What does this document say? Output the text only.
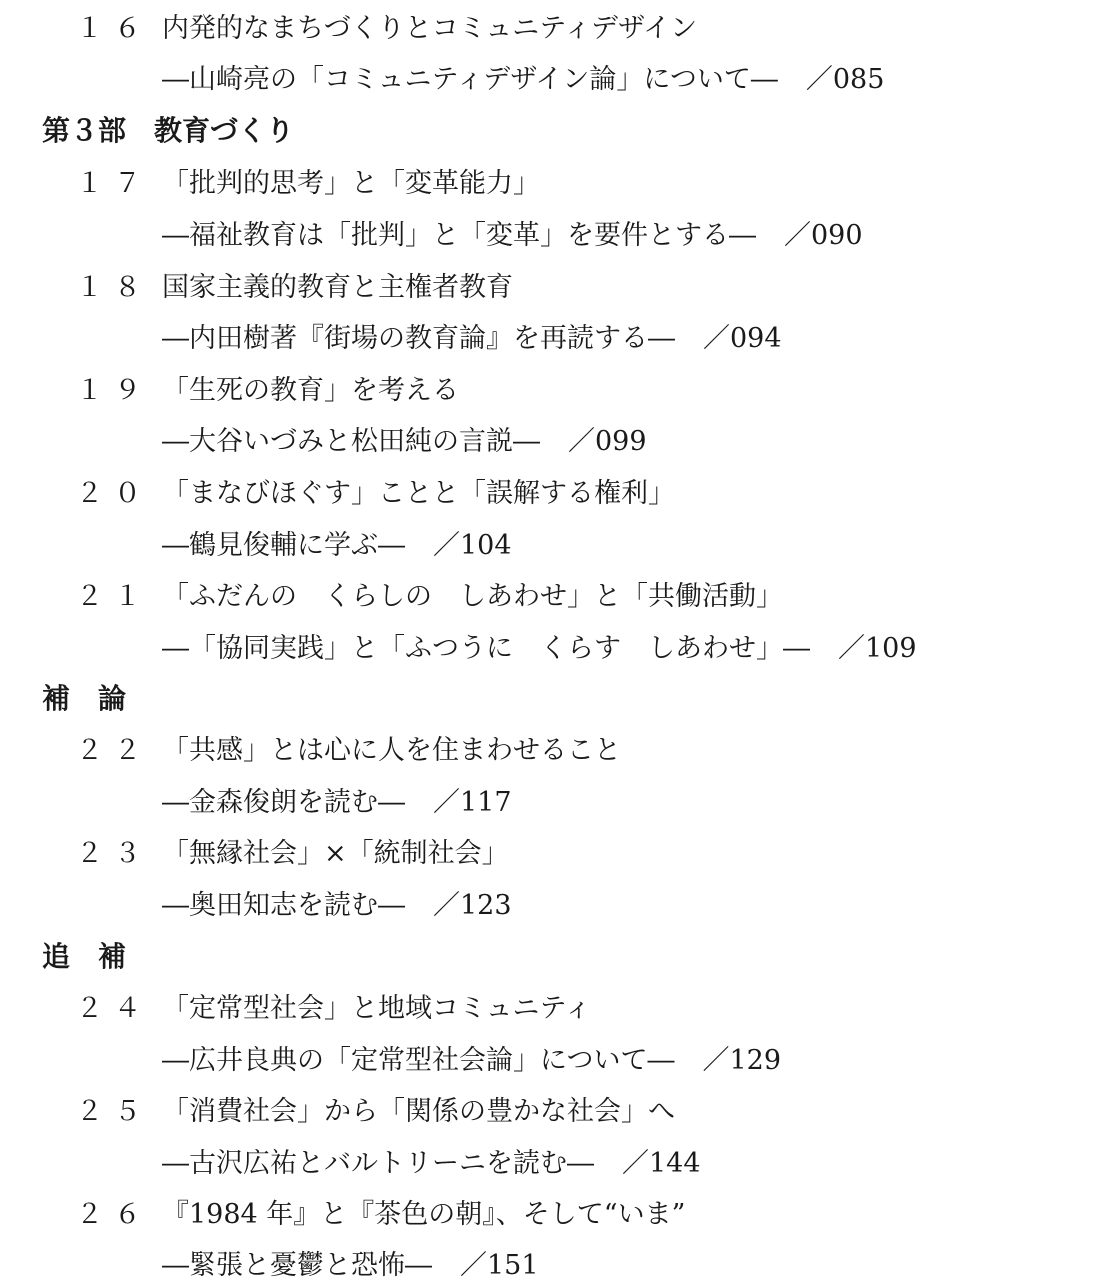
１６ 内発的なまちづくりとコミュニティデザイン
―山崎亮の「コミュニティデザイン論」について― ／085
第３部　教育づくり
１７ 「批判的思考」と「変革能力」
―福祉教育は「批判」と「変革」を要件とする― ／090
１８ 国家主義的教育と主権者教育
―内田樹著『街場の教育論』を再読する― ／094
１９ 「生死の教育」を考える
―大谷いづみと松田純の言説― ／099
２０ 「まなびほぐす」ことと「誤解する権利」
―鶴見俊輔に学ぶ― ／104
２１ 「ふだんの　くらしの　しあわせ」と「共働活動」
―「協同実践」と「ふつうに　くらす　しあわせ」― ／109
補　論
２２ 「共感」とは心に人を住まわせること
―金森俊朗を読む― ／117
２３ 「無縁社会」×「統制社会」
―奥田知志を読む― ／123
追　補
２４ 「定常型社会」と地域コミュニティ
―広井良典の「定常型社会論」について― ／129
２５ 「消費社会」から「関係の豊かな社会」へ
―古沢広祐とバルトリーニを読む― ／144
２６ 『1984 年』と『茶色の朝』、そして“いま”
―緊張と憂鬱と恐怖― ／151
